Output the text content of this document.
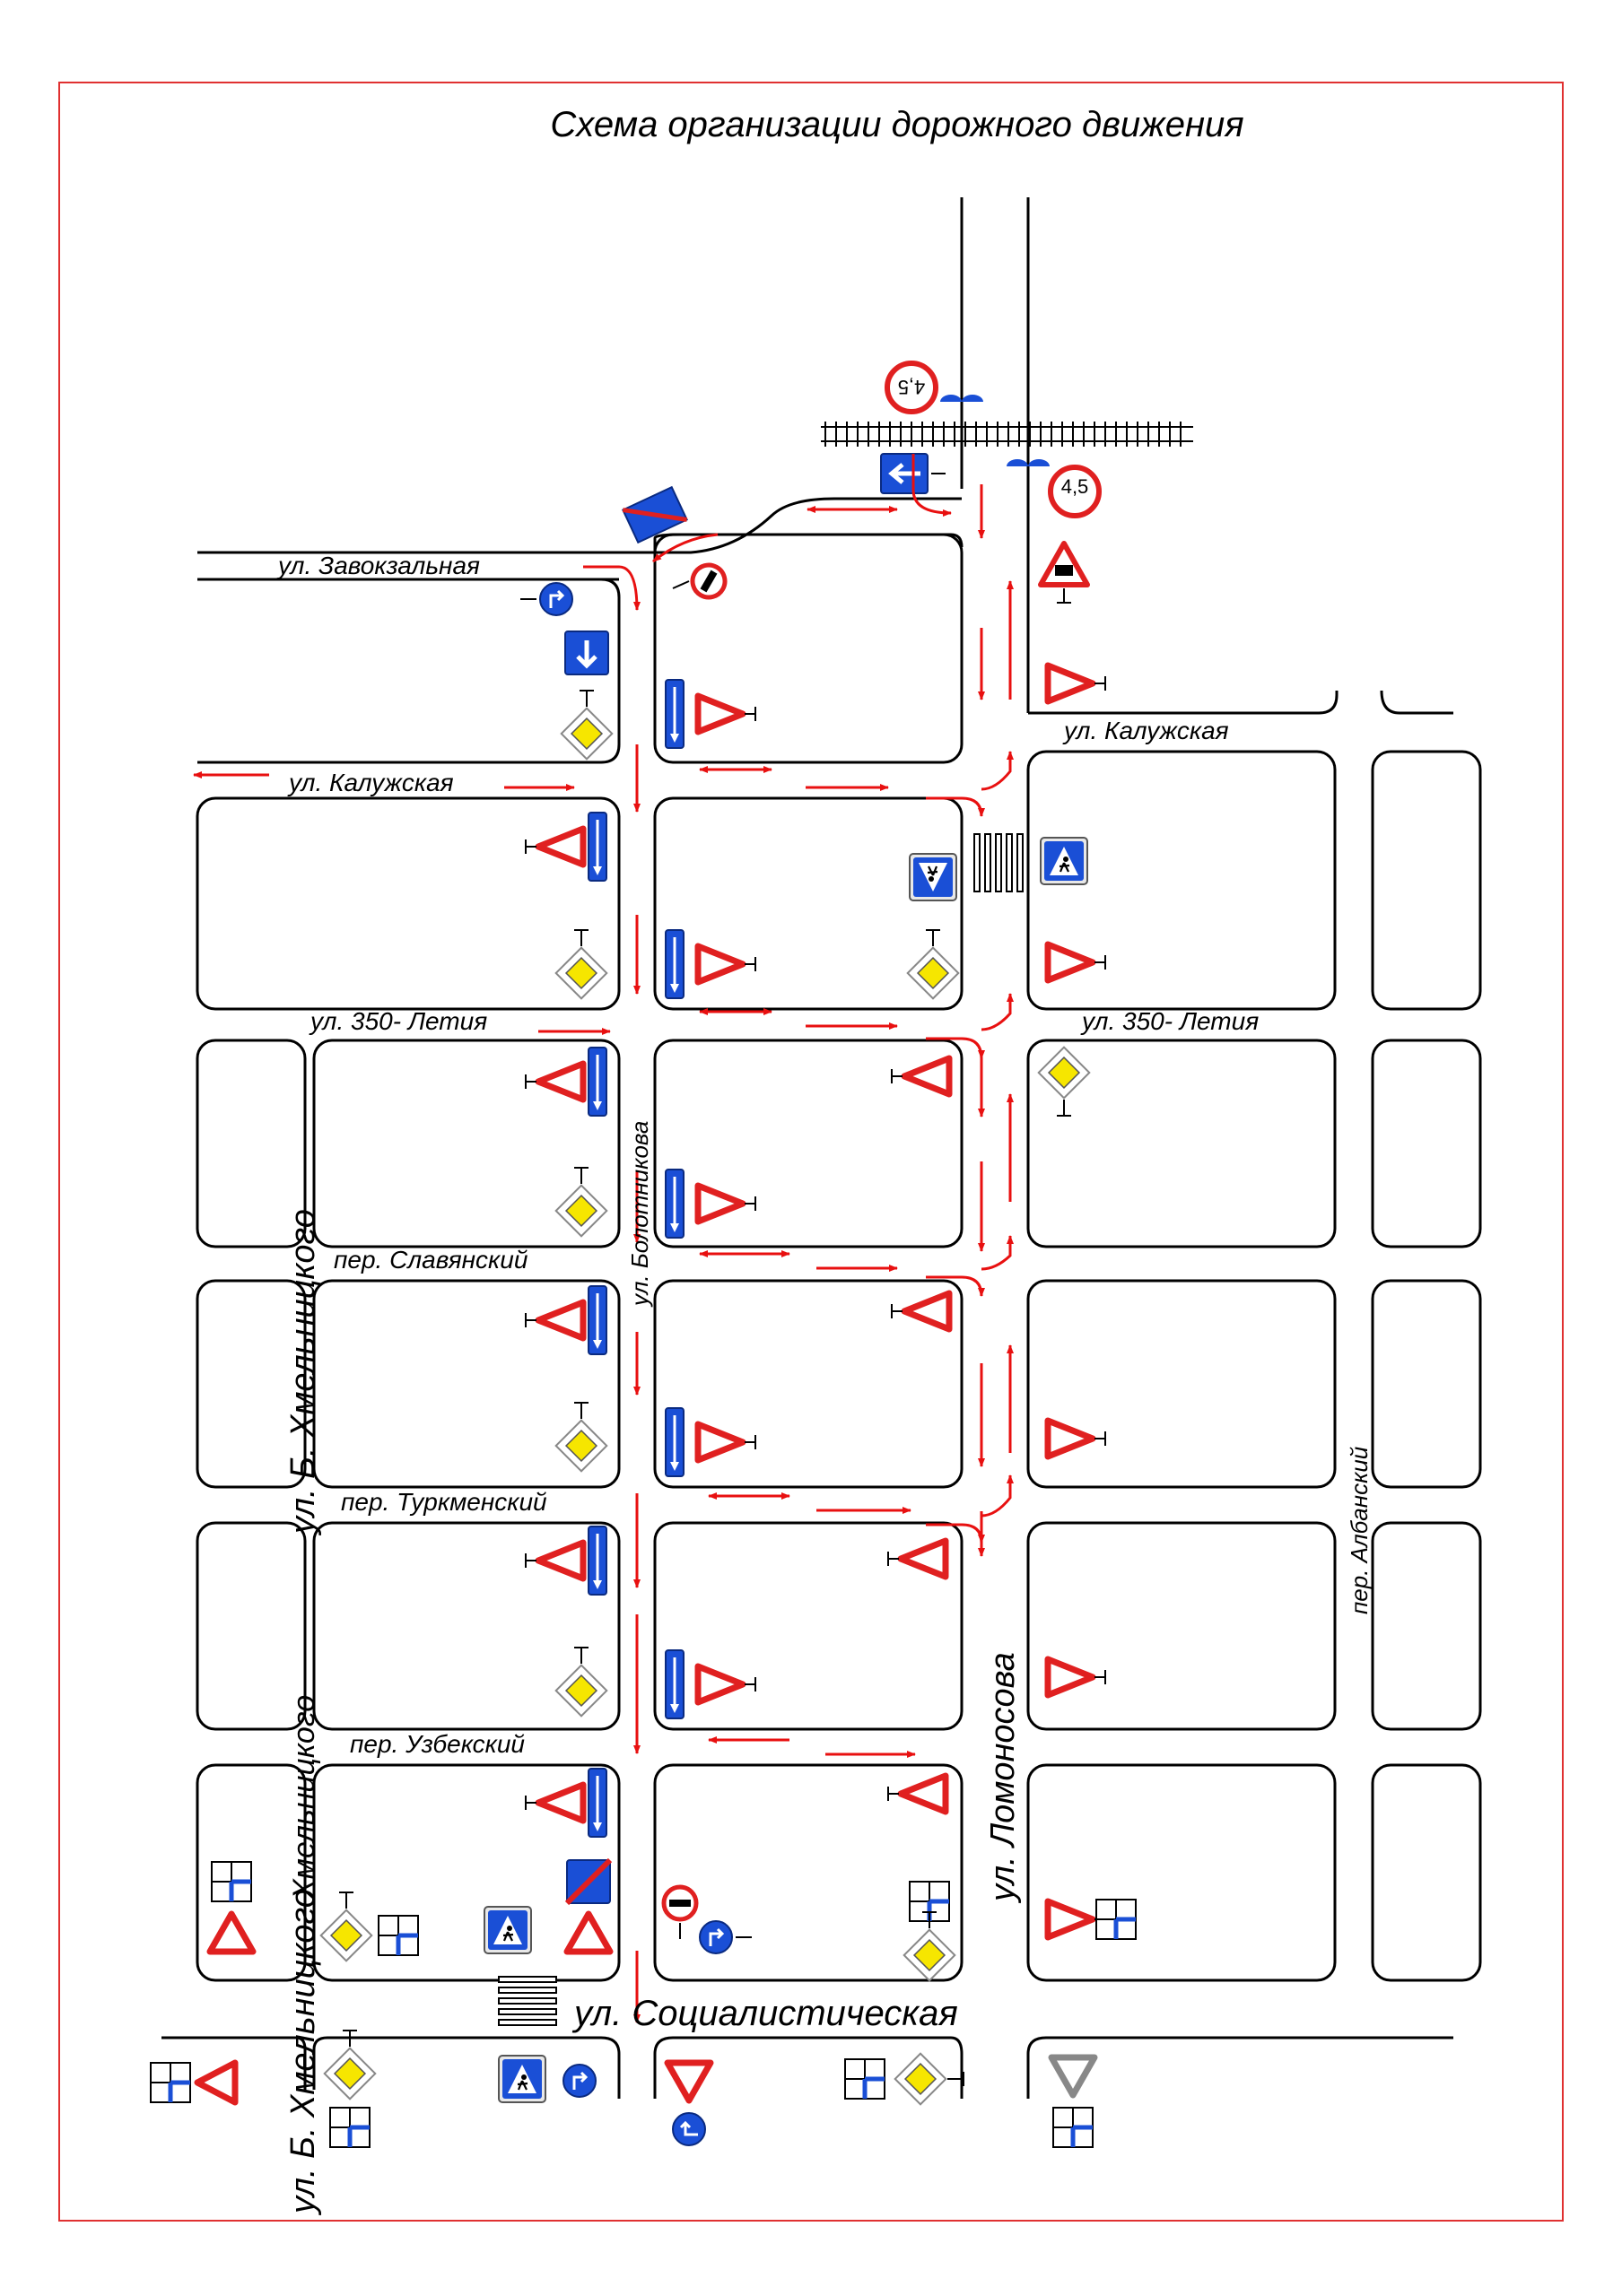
Схема организации дорожного движения
4,5
4,5
ул. Завокзальная
ул. Калужская
ул. Калужская
ул. 350- Летия	ул. 350- Летия
пер. Славянский
пер. Туркменский
пер. Узбекский
ул. Социалистическая
ул. Б. Хмельницкого
Хмельницкого
ул. Б. Хмельницкого
ул. Болотникова
ул. Ломоносова
пер. Албанский
